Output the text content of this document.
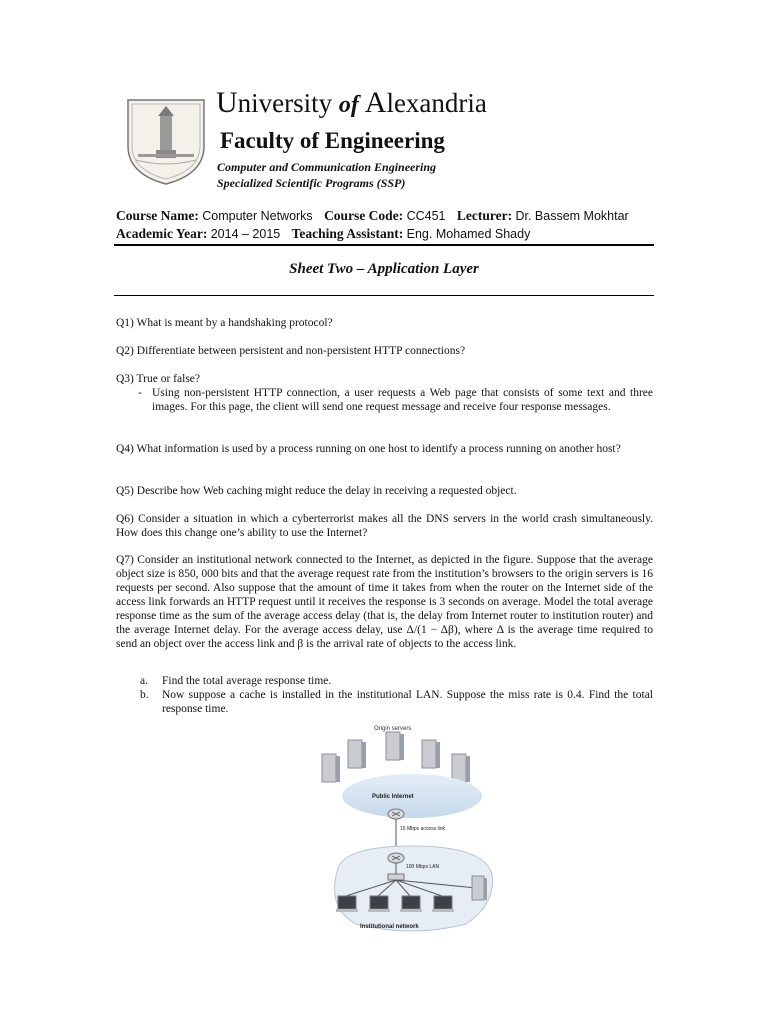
University of Alexandria
Faculty of Engineering
Computer and Communication Engineering
Specialized Scientific Programs (SSP)
Course Name: Computer Networks Course Code: CC451 Lecturer: Dr. Bassem Mokhtar
Academic Year: 2014 – 2015 Teaching Assistant: Eng. Mohamed Shady
Sheet Two – Application Layer
Q1) What is meant by a handshaking protocol?
Q2) Differentiate between persistent and non-persistent HTTP connections?
Q3) True or false?
- Using non-persistent HTTP connection, a user requests a Web page that consists of some text and three images. For this page, the client will send one request message and receive four response messages.
Q4) What information is used by a process running on one host to identify a process running on another host?
Q5) Describe how Web caching might reduce the delay in receiving a requested object.
Q6) Consider a situation in which a cyberterrorist makes all the DNS servers in the world crash simultaneously. How does this change one’s ability to use the Internet?
Q7) Consider an institutional network connected to the Internet, as depicted in the figure. Suppose that the average object size is 850, 000 bits and that the average request rate from the institution’s browsers to the origin servers is 16 requests per second. Also suppose that the amount of time it takes from when the router on the Internet side of the access link forwards an HTTP request until it receives the response is 3 seconds on average. Model the total average response time as the sum of the average access delay (that is, the delay from Internet router to institution router) and the average Internet delay. For the average access delay, use Δ/(1 − Δβ), where Δ is the average time required to send an object over the access link and β is the arrival rate of objects to the access link.
a. Find the total average response time.
b. Now suppose a cache is installed in the institutional LAN. Suppose the miss rate is 0.4. Find the total response time.
Origin servers
Public Internet
15 Mbps access link
100 Mbps LAN
Institutional network
